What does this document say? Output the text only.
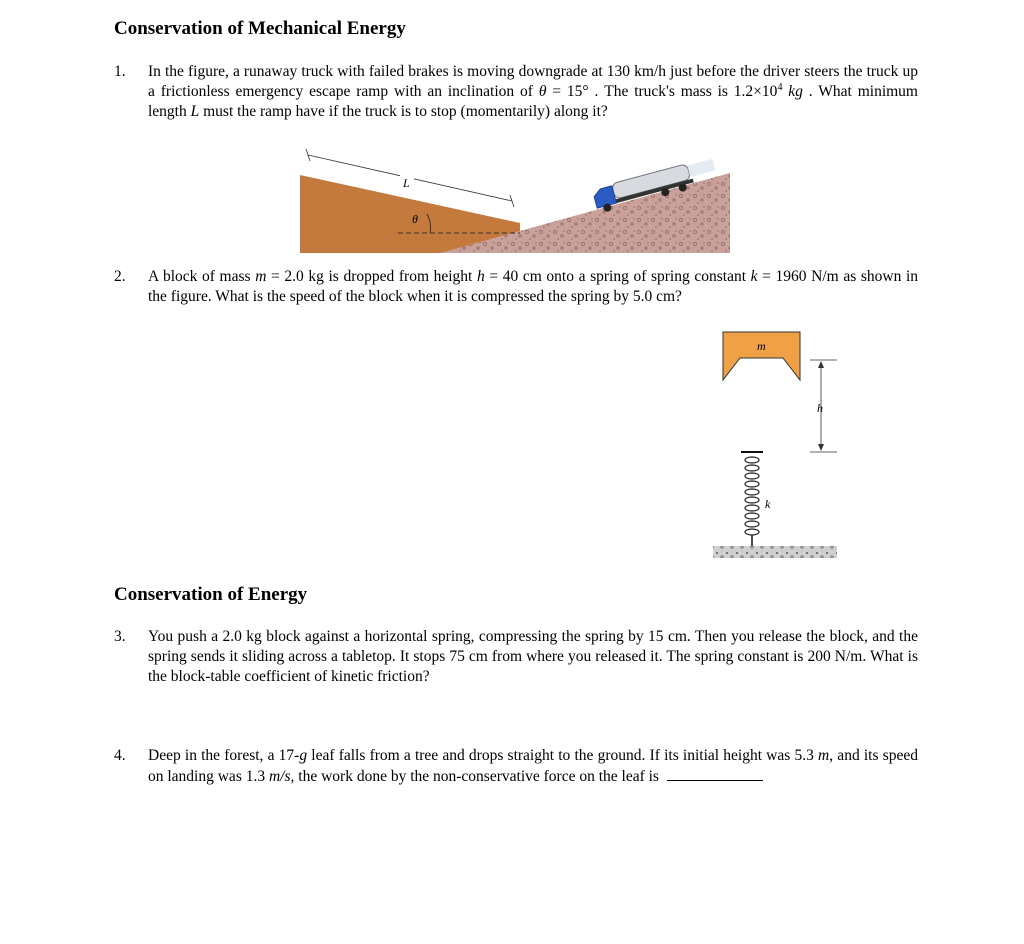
Conservation of Mechanical Energy
1. In the figure, a runaway truck with failed brakes is moving downgrade at 130 km/h just before the driver steers the truck up a frictionless emergency escape ramp with an inclination of θ = 15° . The truck's mass is $1.2\times 10^4$ kg . What minimum length L must the ramp have if the truck is to stop (momentarily) along it?
θ
L
2. A block of mass m = 2.0 kg is dropped from height h = 40 cm onto a spring of spring constant k = 1960 N/m as shown in the figure. What is the speed of the block when it is compressed the spring by 5.0 cm?
m
h
k
Conservation of Energy
3. You push a 2.0 kg block against a horizontal spring, compressing the spring by 15 cm. Then you release the block, and the spring sends it sliding across a tabletop. It stops 75 cm from where you released it. The spring constant is 200 N/m. What is the block-table coefficient of kinetic friction?
4. Deep in the forest, a 17-g leaf falls from a tree and drops straight to the ground. If its initial height was 5.3 m, and its speed on landing was 1.3 m/s, the work done by the non-conservative force on the leaf is
